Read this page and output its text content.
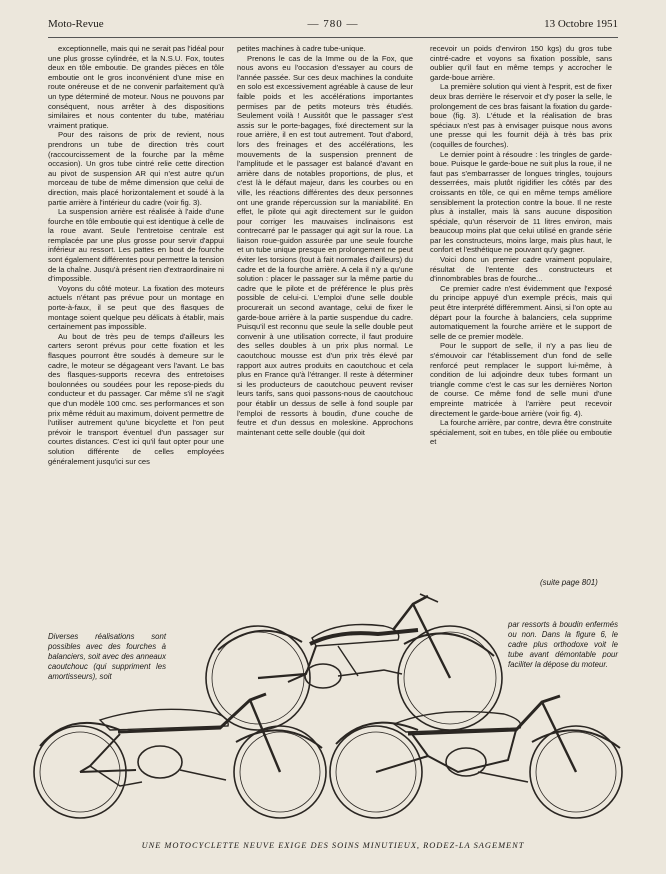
Moto-Revue	— 780 —	13 Octobre 1951

exceptionnelle, mais qui ne serait pas l'idéal pour une plus grosse cylindrée, et la N.S.U. Fox, toutes deux en tôle emboutie. De grandes pièces en tôle emboutie ont le gros inconvénient d'une mise en route onéreuse et de ne convenir parfaitement qu'à un type déterminé de moteur. Nous ne pouvons par conséquent, nous arrêter à des dispositions similaires et nous contenter du tube, matériau vraiment pratique.

Pour des raisons de prix de revient, nous prendrons un tube de direction très court (raccourcissement de la fourche par la même occasion). Un gros tube cintré relie cette direction au pivot de suspension AR qui n'est autre qu'un morceau de tube de même dimension que celui de direction, mais placé horizontalement et soudé à la partie arrière à l'intérieur du cadre (voir fig. 3).

La suspension arrière est réalisée à l'aide d'une fourche en tôle emboutie qui est identique à celle de la roue avant. Seule l'entretoise centrale est remplacée par une plus grosse pour servir d'appui inférieur au ressort. Les pattes en bout de fourche sont également différentes pour permettre la tension de la chaîne. Jusqu'à présent rien d'extraordinaire ni d'impossible.

Voyons du côté moteur. La fixation des moteurs actuels n'étant pas prévue pour un montage en porte-à-faux, il se peut que des flasques de montage soient quelque peu délicats à établir, mais certainement pas impossible.

Au bout de très peu de temps d'ailleurs les carters seront prévus pour cette fixation et les flasques pourront être soudés à demeure sur le cadre, le moteur se dégageant vers l'avant. Le bas des flasques-supports recevra des entretoises boulonnées ou soudées pour les repose-pieds du conducteur et du passager. Car même s'il ne s'agit que d'un modèle 100 cmc. ses performances et son prix même réduit au maximum, doivent permettre de l'utiliser autrement qu'une bicyclette et l'on peut prévoir le transport éventuel d'un passager sur courtes distances. C'est ici qu'il faut opter pour une solution différente de celles employées généralement jusqu'ici sur ces

petites machines à cadre tube-unique.

Prenons le cas de la Imme ou de la Fox, que nous avons eu l'occasion d'essayer au cours de l'année passée. Sur ces deux machines la conduite en solo est excessivement agréable à cause de leur faible poids et les accélérations importantes permises par de petits moteurs très étudiés. Seulement voilà ! Aussitôt que le passager s'est assis sur le porte-bagages, fixé directement sur la roue arrière, il en est tout autrement. Tout d'abord, lors des freinages et des accélérations, les mouvements de la suspension prennent de l'amplitude et le passager est balancé d'avant en arrière dans de notables proportions, de plus, et c'est là le défaut majeur, dans les courbes ou en ville, les réactions différentes des deux personnes ont une grande répercussion sur la maniabilité. En effet, le pilote qui agit directement sur le guidon pour corriger les mauvaises inclinaisons est contrecarré par le passager qui agit sur la roue. La liaison roue-guidon assurée par une seule fourche et un tube unique presque en prolongement ne peut éviter les torsions (tout à fait normales d'ailleurs) du cadre et de la fourche arrière. A cela il n'y a qu'une solution : placer le passager sur la même partie du cadre que le pilote et de préférence le plus près possible de celui-ci. L'emploi d'une selle double procurerait un second avantage, celui de fixer le garde-boue arrière à la partie suspendue du cadre. Puisqu'il est reconnu que seule la selle double peut convenir à une utilisation correcte, il faut produire des selles doubles à un prix plus normal. Le caoutchouc mousse est d'un prix très élevé par rapport aux autres produits en caoutchouc et cela plus en France qu'à l'étranger. Il reste à déterminer si les producteurs de caoutchouc peuvent reviser leurs tarifs, sans quoi passons-nous de caoutchouc pour établir un dessus de selle à fond souple par l'emploi de ressorts à boudin, d'une couche de feutre et d'un dessus en moleskine. Approchons maintenant cette selle double (qui doit

recevoir un poids d'environ 150 kgs) du gros tube cintré-cadre et voyons sa fixation possible, sans oublier qu'il faut en même temps y accrocher le garde-boue arrière.

La première solution qui vient à l'esprit, est de fixer deux bras derrière le réservoir et d'y poser la selle, le prolongement de ces bras faisant la fixation du garde-boue (fig. 3). L'étude et la réalisation de bras spéciaux n'est pas à envisager puisque nous avons une presse qui les fournit déjà à très bas prix (coquilles de fourches).

Le dernier point à résoudre : les tringles de garde-boue. Puisque le garde-boue ne suit plus la roue, il ne faut pas s'embarrasser de longues tringles, toujours desserrées, mais plutôt rigidifier les côtés par des croissants en tôle, ce qui en même temps améliore sensiblement la protection contre la boue. Il ne reste plus à installer, mais là sans aucune disposition spéciale, qu'un réservoir de 11 litres environ, mais beaucoup moins plat que celui utilisé en grande série par les constructeurs, moins large, mais plus haut, le confort et l'esthétique ne pouvant qu'y gagner.

Voici donc un premier cadre vraiment populaire, résultat de l'entente des constructeurs et d'innombrables bras de fourche...

Ce premier cadre n'est évidemment que l'exposé du principe appuyé d'un exemple précis, mais qui peut être interprété différemment. Ainsi, si l'on opte au départ pour la fourche à balanciers, cela supprime automatiquement la fourche arrière et le support de selle de ce premier modèle.

Pour le support de selle, il n'y a pas lieu de s'émouvoir car l'établissement d'un fond de selle renforcé peut remplacer le support lui-même, à condition de lui adjoindre deux tubes formant un triangle comme c'est le cas sur les dernières Norton de course. Ce même fond de selle muni d'une empreinte matricée à l'arrière peut recevoir directement le garde-boue arrière (voir fig. 4).

La fourche arrière, par contre, devra être construite spécialement, soit en tubes, en tôle pliée ou emboutie et

(suite page 801)

Diverses réalisations sont possibles avec des fourches à balanciers, soit avec des anneaux caoutchouc (qui suppriment les amortisseurs), soit

par ressorts à boudin enfermés ou non. Dans la figure 6, le cadre plus orthodoxe voit le tube avant démontable pour faciliter la dépose du moteur.

UNE MOTOCYCLETTE NEUVE EXIGE DES SOINS MINUTIEUX, RODEZ-LA SAGEMENT
